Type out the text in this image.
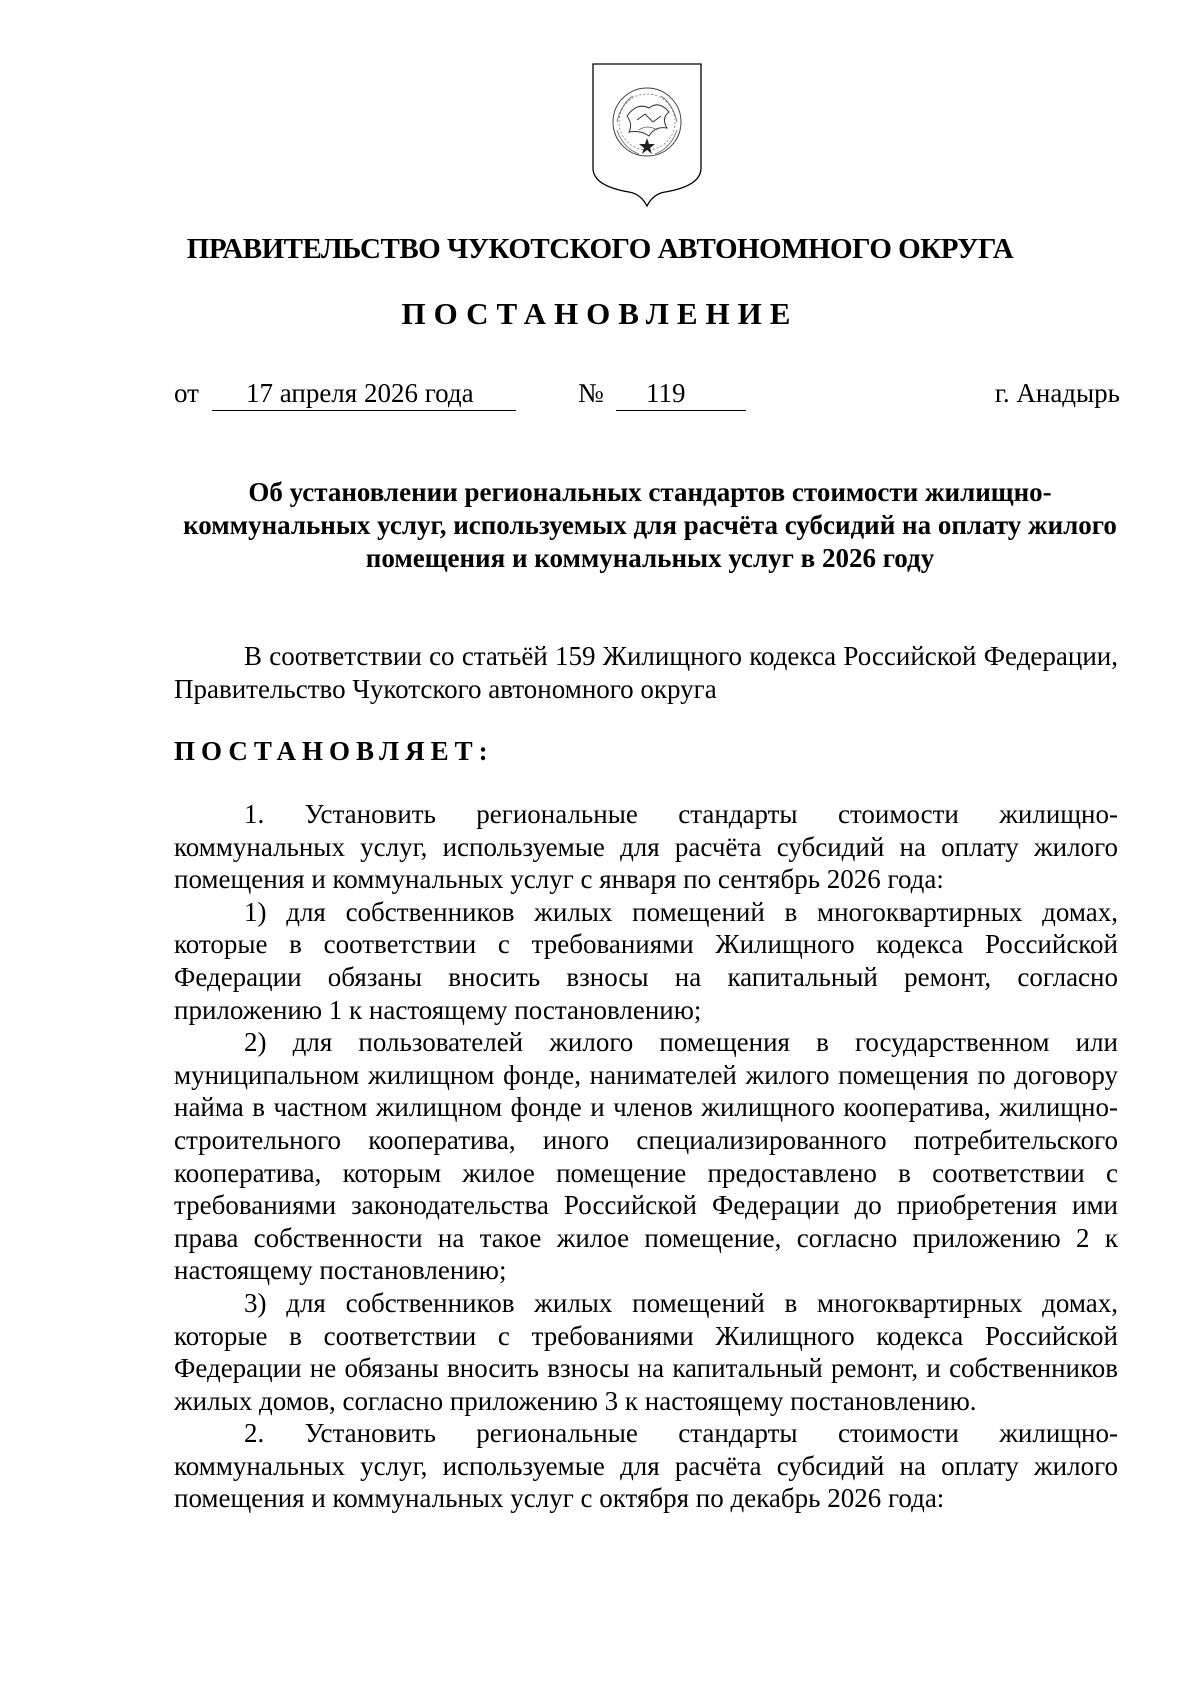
ПРАВИТЕЛЬСТВО ЧУКОТСКОГО АВТОНОМНОГО ОКРУГА
ПОСТАНОВЛЕНИЕ
от 17 апреля 2026 года	№ 119	г. Анадырь
Об установлении региональных стандартов стоимости жилищно-коммунальных услуг, используемых для расчёта субсидий на оплату жилого помещения и коммунальных услуг в 2026 году

В соответствии со статьёй 159 Жилищного кодекса Российской Федерации, Правительство Чукотского автономного округа

ПОСТАНОВЛЯЕТ:

1. Установить региональные стандарты стоимости жилищно-коммунальных услуг, используемые для расчёта субсидий на оплату жилого помещения и коммунальных услуг с января по сентябрь 2026 года:

1) для собственников жилых помещений в многоквартирных домах, которые в соответствии с требованиями Жилищного кодекса Российской Федерации обязаны вносить взносы на капитальный ремонт, согласно приложению 1 к настоящему постановлению;

2) для пользователей жилого помещения в государственном или муниципальном жилищном фонде, нанимателей жилого помещения по договору найма в частном жилищном фонде и членов жилищного кооператива, жилищно-строительного кооператива, иного специализированного потребительского кооператива, которым жилое помещение предоставлено в соответствии с требованиями законодательства Российской Федерации до приобретения ими права собственности на такое жилое помещение, согласно приложению 2 к настоящему постановлению;

3) для собственников жилых помещений в многоквартирных домах, которые в соответствии с требованиями Жилищного кодекса Российской Федерации не обязаны вносить взносы на капитальный ремонт, и собственников жилых домов, согласно приложению 3 к настоящему постановлению.

2. Установить региональные стандарты стоимости жилищно-коммунальных услуг, используемые для расчёта субсидий на оплату жилого помещения и коммунальных услуг с октября по декабрь 2026 года:
